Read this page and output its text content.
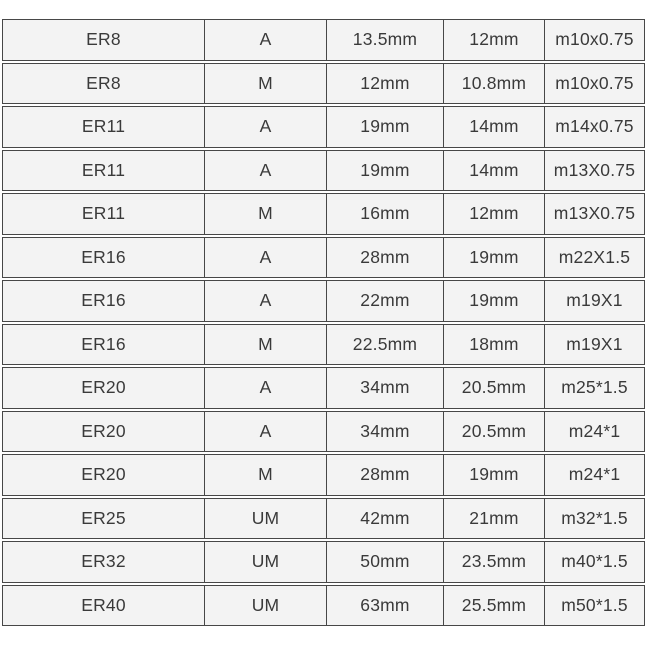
ER8	A	13.5mm	12mm	m10x0.75
ER8	M	12mm	10.8mm	m10x0.75
ER11	A	19mm	14mm	m14x0.75
ER11	A	19mm	14mm	m13X0.75
ER11	M	16mm	12mm	m13X0.75
ER16	A	28mm	19mm	m22X1.5
ER16	A	22mm	19mm	m19X1
ER16	M	22.5mm	18mm	m19X1
ER20	A	34mm	20.5mm	m25*1.5
ER20	A	34mm	20.5mm	m24*1
ER20	M	28mm	19mm	m24*1
ER25	UM	42mm	21mm	m32*1.5
ER32	UM	50mm	23.5mm	m40*1.5
ER40	UM	63mm	25.5mm	m50*1.5
